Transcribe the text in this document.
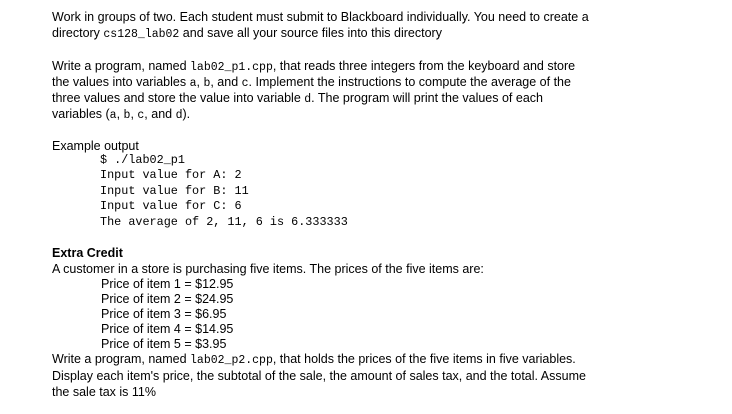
Work in groups of two. Each student must submit to Blackboard individually. You need to create a
directory cs128_lab02 and save all your source files into this directory
Write a program, named lab02_p1.cpp, that reads three integers from the keyboard and store
the values into variables a, b, and c. Implement the instructions to compute the average of the
three values and store the value into variable d. The program will print the values of each
variables (a, b, c, and d).
Example output
$ ./lab02_p1
Input value for A: 2
Input value for B: 11
Input value for C: 6
The average of 2, 11, 6 is 6.333333
Extra Credit
A customer in a store is purchasing five items. The prices of the five items are:
Price of item 1 = $12.95
Price of item 2 = $24.95
Price of item 3 = $6.95
Price of item 4 = $14.95
Price of item 5 = $3.95
Write a program, named lab02_p2.cpp, that holds the prices of the five items in five variables.
Display each item's price, the subtotal of the sale, the amount of sales tax, and the total. Assume
the sale tax is 11%
